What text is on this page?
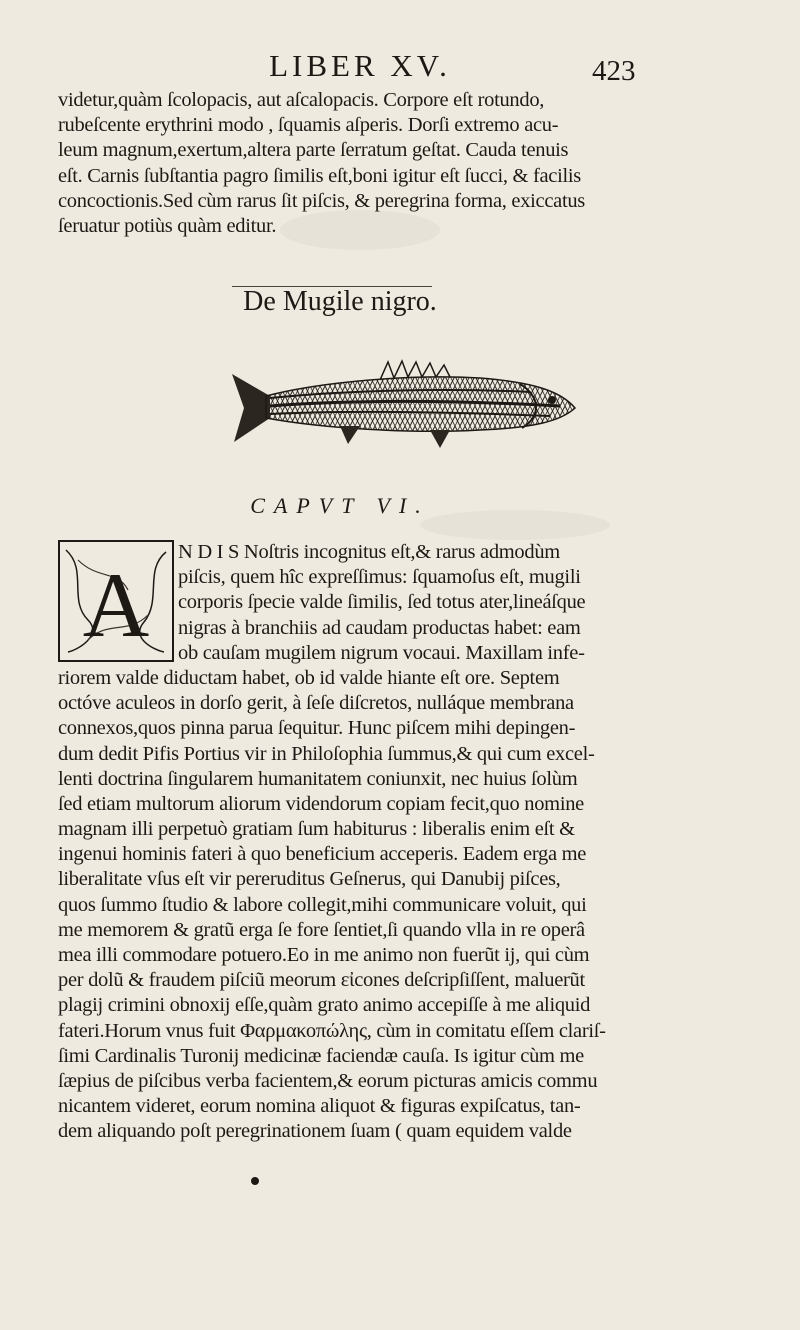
LIBER XV.	423
videtur,quàm ſcolopacis, aut aſcalopacis. Corpore eſt rotundo,
rubeſcente erythrini modo , ſquamis aſperis. Dorſi extremo acu-
leum magnum,exertum,altera parte ſerratum geſtat. Cauda tenuis
eſt. Carnis ſubſtantia pagro ſimilis eſt,boni igitur eſt ſucci, & facilis
concoctionis.Sed cùm rarus ſit piſcis, & peregrina forma, exiccatus
ſeruatur potiùs quàm editur.
De Mugile nigro.
CAPVT VI.
A
N D I S Noſtris incognitus eſt,& rarus admodùm
piſcis, quem hîc expreſſimus: ſquamoſus eſt, mugili
corporis ſpecie valde ſimilis, ſed totus ater,lineáſque
nigras à branchiis ad caudam productas habet: eam
ob cauſam mugilem nigrum vocaui. Maxillam infe-
riorem valde diductam habet, ob id valde hiante eſt ore. Septem
octóve aculeos in dorſo gerit, à ſeſe diſcretos, nulláque membrana
connexos,quos pinna parua ſequitur. Hunc piſcem mihi depingen-
dum dedit Pifis Portius vir in Philoſophia ſummus,& qui cum excel-
lenti doctrina ſingularem humanitatem coniunxit, nec huius ſolùm
ſed etiam multorum aliorum videndorum copiam fecit,quo nomine
magnam illi perpetuò gratiam ſum habiturus : liberalis enim eſt &
ingenui hominis fateri à quo beneficium acceperis. Eadem erga me
liberalitate vſus eſt vir pereruditus Geſnerus, qui Danubij piſces,
quos ſummo ſtudio & labore collegit,mihi communicare voluit, qui
me memorem & gratũ erga ſe fore ſentiet,ſi quando vlla in re operâ
mea illi commodare potuero.Eo in me animo non fuerũt ij, qui cùm
per dolũ & fraudem piſciũ meorum εἰcones deſcripſiſſent, maluerũt
plagij crimini obnoxij eſſe,quàm grato animo accepiſſe à me aliquid
fateri.Horum vnus fuit Φαρμακοπώλης, cùm in comitatu eſſem clariſ-
ſimi Cardinalis Turonij medicinæ faciendæ cauſa. Is igitur cùm me
ſæpius de piſcibus verba facientem,& eorum picturas amicis commu
nicantem videret, eorum nomina aliquot & figuras expiſcatus, tan-
dem aliquando poſt peregrinationem ſuam ( quam equidem valde
